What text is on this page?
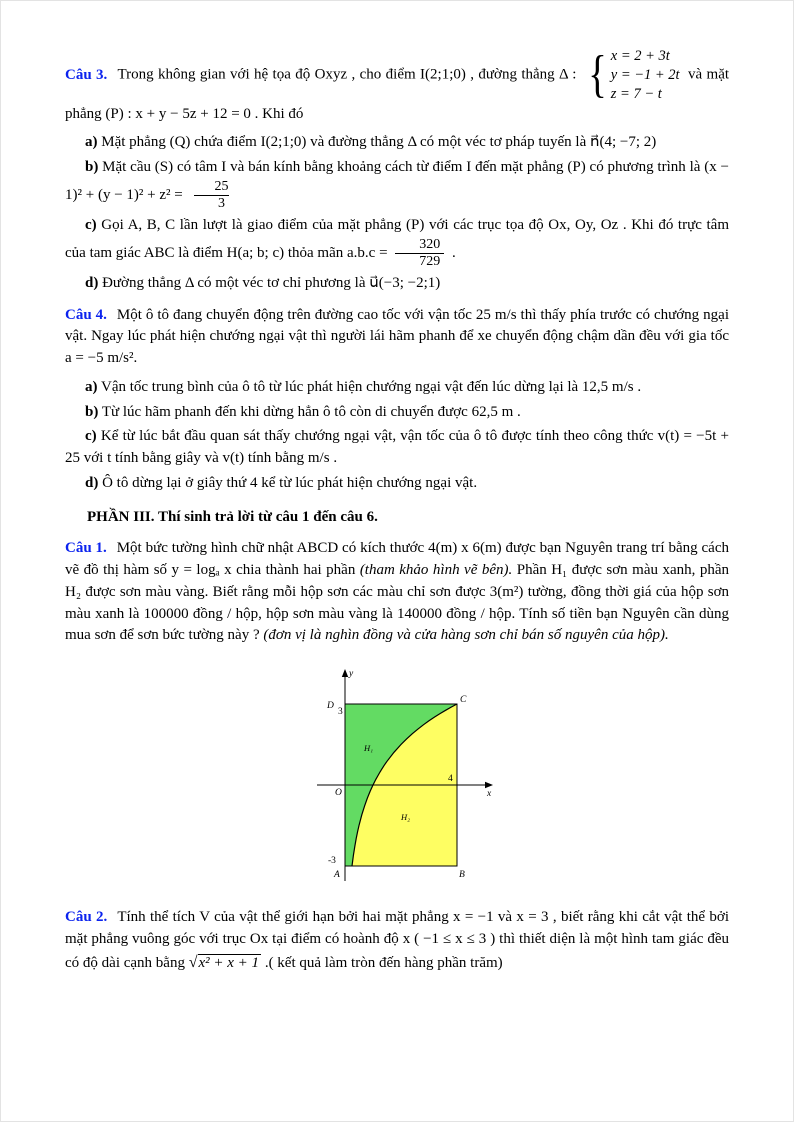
Câu 3. Trong không gian với hệ tọa độ Oxyz , cho điểm I(2;1;0) , đường thẳng Δ : { x = 2 + 3t
y = −1 + 2t
z = 7 − t
và mặt phẳng (P) : x + y − 5z + 12 = 0 . Khi đó

a) Mặt phẳng (Q) chứa điểm I(2;1;0) và đường thẳng Δ có một véc tơ pháp tuyến là n⃗(4; −7; 2)

b) Mặt cầu (S) có tâm I và bán kính bằng khoảng cách từ điểm I đến mặt phẳng (P) có phương trình là $(x - 1)^2 + (y - 1)^2 + z^2 = \frac{25}{3}$

c) Gọi A, B, C lần lượt là giao điểm của mặt phẳng (P) với các trục tọa độ Ox, Oy, Oz . Khi đó trực tâm của tam giác ABC là điểm H(a; b; c) thỏa mãn $a.b.c = \frac{320}{729}$ .

d) Đường thẳng Δ có một véc tơ chỉ phương là u⃗(−3; −2;1)

Câu 4. Một ô tô đang chuyển động trên đường cao tốc với vận tốc 25 m/s thì thấy phía trước có chướng ngại vật. Ngay lúc phát hiện chướng ngại vật thì người lái hãm phanh để xe chuyển động chậm dần đều với gia tốc a = −5 m/s².

a) Vận tốc trung bình của ô tô từ lúc phát hiện chướng ngại vật đến lúc dừng lại là 12,5 m/s .

b) Từ lúc hãm phanh đến khi dừng hẳn ô tô còn di chuyển được 62,5 m .

c) Kể từ lúc bắt đầu quan sát thấy chướng ngại vật, vận tốc của ô tô được tính theo công thức v(t) = −5t + 25 với t tính bằng giây và v(t) tính bằng m/s .

d) Ô tô dừng lại ở giây thứ 4 kể từ lúc phát hiện chướng ngại vật.

PHẦN III. Thí sinh trả lời từ câu 1 đến câu 6.

Câu 1. Một bức tường hình chữ nhật ABCD có kích thước 4(m) x 6(m) được bạn Nguyên trang trí bằng cách vẽ đồ thị hàm số y = logₐ x chia thành hai phần (tham khảo hình vẽ bên). Phần H₁ được sơn màu xanh, phần H₂ được sơn màu vàng. Biết rằng mỗi hộp sơn các màu chỉ sơn được 3(m²) tường, đồng thời giá của hộp sơn màu xanh là 100000 đồng / hộp, hộp sơn màu vàng là 140000 đồng / hộp. Tính số tiền bạn Nguyên cần dùng mua sơn để sơn bức tường này ? (đơn vị là nghìn đồng và cửa hàng sơn chỉ bán số nguyên của hộp).

y
x
O
D
3
C
4
-3
A	B
H₁
H₂

Câu 2. Tính thể tích V của vật thể giới hạn bởi hai mặt phẳng x = −1 và x = 3 , biết rằng khi cắt vật thể bởi mặt phẳng vuông góc với trục Ox tại điểm có hoành độ x ( −1 ≤ x ≤ 3 ) thì thiết diện là một hình tam giác đều có độ dài cạnh bằng √x² + x + 1 .( kết quả làm tròn đến hàng phần trăm)
